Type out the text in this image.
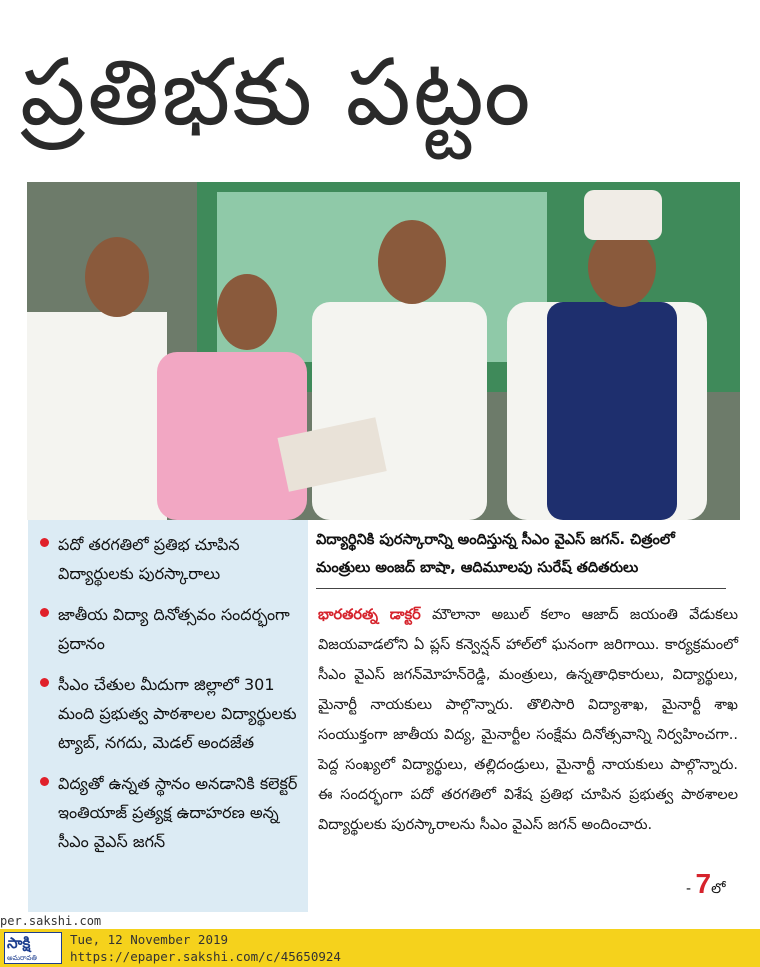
ప్రతిభకు పట్టం
పదో తరగతిలో ప్రతిభ చూపిన విద్యార్థులకు పురస్కారాలు
జాతీయ విద్యా దినోత్సవం సందర్భంగా ప్రదానం
సీఎం చేతుల మీదుగా జిల్లాలో 301 మంది ప్రభుత్వ పాఠశాలల విద్యార్థులకు ట్యాబ్, నగదు, మెడల్ అందజేత
విద్యతో ఉన్నత స్థానం అనడానికి కలెక్టర్ ఇంతియాజ్ ప్రత్యక్ష ఉదాహరణ అన్న సీఎం వైఎస్ జగన్
విద్యార్థినికి పురస్కారాన్ని అందిస్తున్న సీఎం వైఎస్ జగన్. చిత్రంలో మంత్రులు అంజద్ బాషా, ఆదిమూలపు సురేష్ తదితరులు
భారతరత్న డాక్టర్ మౌలానా అబుల్ కలాం ఆజాద్ జయంతి వేడుకలు విజయవాడలోని ఏ ప్లస్ కన్వెన్షన్ హాల్‌లో ఘనంగా జరిగాయి. కార్యక్రమంలో సీఎం వైఎస్ జగన్‌మోహన్‌రెడ్డి, మంత్రులు, ఉన్నతాధికారులు, విద్యార్థులు, మైనార్టీ నాయకులు పాల్గొన్నారు. తొలిసారి విద్యాశాఖ, మైనార్టీ శాఖ సంయుక్తంగా జాతీయ విద్య, మైనార్టీల సంక్షేమ దినోత్సవాన్ని నిర్వహించగా.. పెద్ద సంఖ్యలో విద్యార్థులు, తల్లిదండ్రులు, మైనార్టీ నాయకులు పాల్గొన్నారు. ఈ సందర్భంగా పదో తరగతిలో విశేష ప్రతిభ చూపిన ప్రభుత్వ పాఠశాలల విద్యార్థులకు పురస్కారాలను సీఎం వైఎస్ జగన్ అందించారు.
- 7లో
per.sakshi.com
సాక్షి
అమరావతి
Tue, 12 November 2019
https://epaper.sakshi.com/c/45650924
